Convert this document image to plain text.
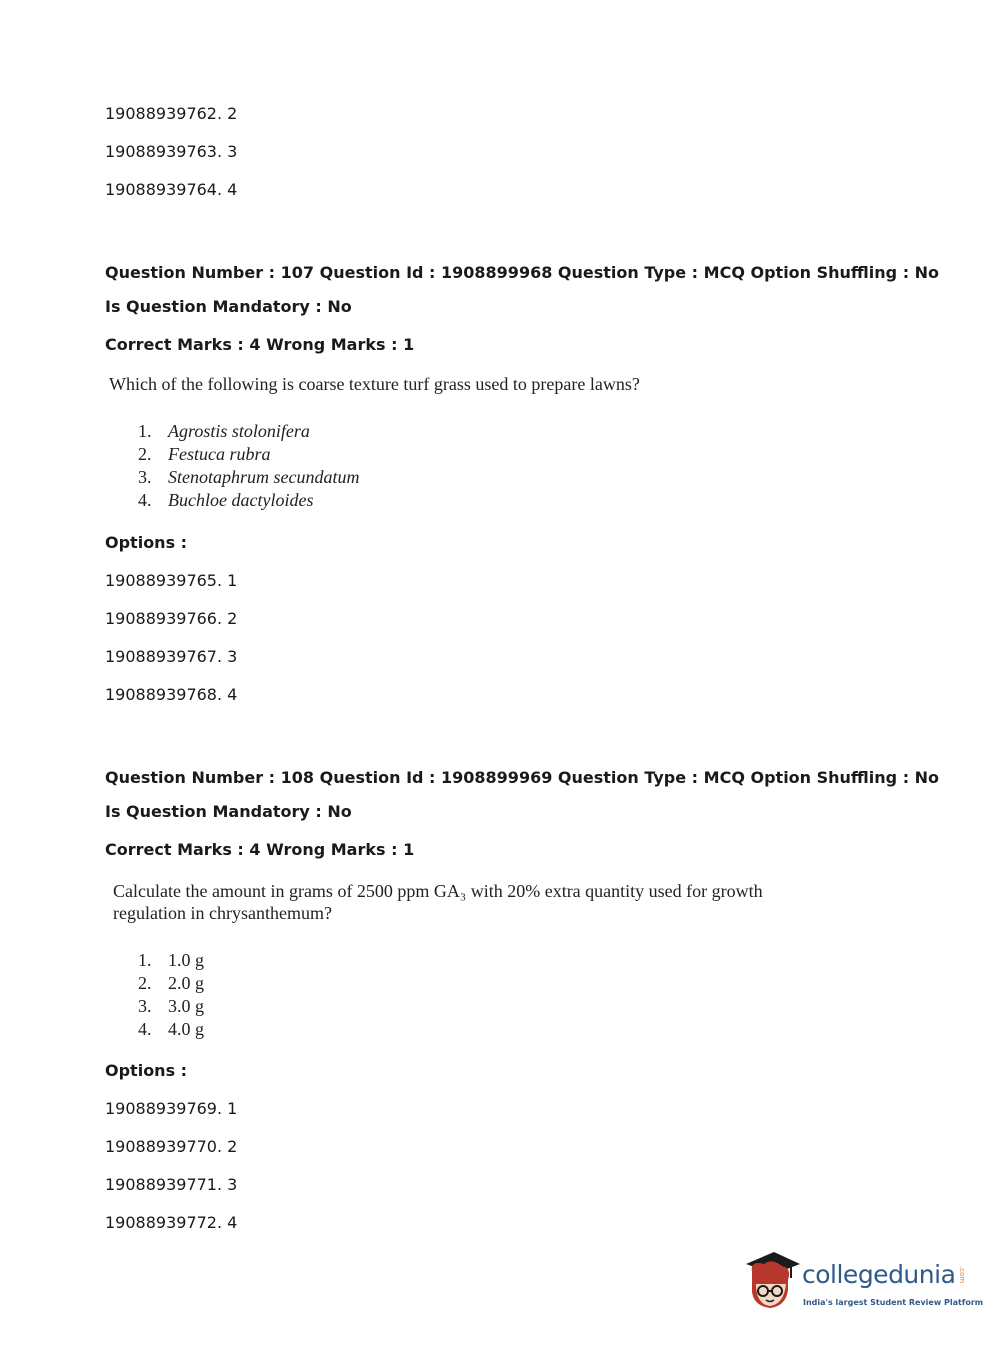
19088939762. 2
19088939763. 3
19088939764. 4
Question Number : 107 Question Id : 1908899968 Question Type : MCQ Option Shuffling : No
Is Question Mandatory : No
Correct Marks : 4 Wrong Marks : 1
Which of the following is coarse texture turf grass used to prepare lawns?
1. Agrostis stolonifera
2. Festuca rubra
3. Stenotaphrum secundatum
4. Buchloe dactyloides
Options :
19088939765. 1
19088939766. 2
19088939767. 3
19088939768. 4
Question Number : 108 Question Id : 1908899969 Question Type : MCQ Option Shuffling : No
Is Question Mandatory : No
Correct Marks : 4 Wrong Marks : 1
Calculate the amount in grams of 2500 ppm GA₃ with 20% extra quantity used for growth
regulation in chrysanthemum?
1. 1.0 g
2. 2.0 g
3. 3.0 g
4. 4.0 g
Options :
19088939769. 1
19088939770. 2
19088939771. 3
19088939772. 4
collegedunia .com
India's largest Student Review Platform
